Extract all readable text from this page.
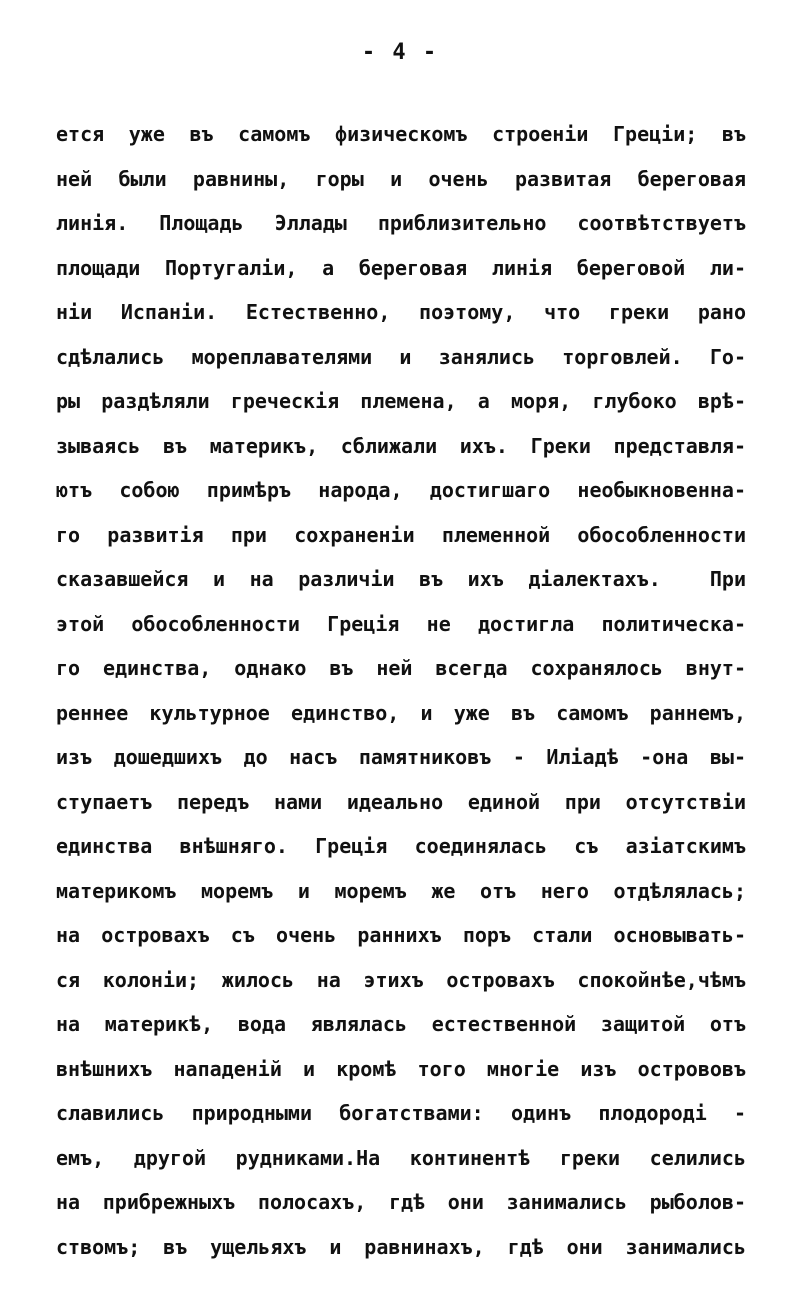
- 4 -
ется уже въ самомъ физическомъ строенiи Грецiи; въ
ней были равнины, горы и очень развитая береговая
линiя. Площадь Эллады приблизительно соотвѣтствуетъ
площади Португалiи, а береговая линiя береговой ли-
нiи Испанiи. Естественно, поэтому, что греки рано
сдѣлались мореплавателями и занялись торговлей. Го-
ры раздѣляли греческiя племена, а моря, глубоко врѣ-
зываясь въ материкъ, сближали ихъ. Греки представля-
ютъ собою примѣръ народа, достигшаго необыкновенна-
го развитiя при сохраненiи племенной обособленности
сказавшейся и на различiи въ ихъ дiалектахъ.  При
этой обособленности Грецiя не достигла политическа-
го единства, однако въ ней всегда сохранялось внут-
реннее культурное единство, и уже въ самомъ раннемъ,
изъ дошедшихъ до насъ памятниковъ - Илiадѣ -она вы-
ступаетъ передъ нами идеально единой при отсутствiи
единства внѣшняго. Грецiя соединялась съ азiатскимъ
материкомъ моремъ и моремъ же отъ него отдѣлялась;
на островахъ съ очень раннихъ поръ стали основывать-
ся колонiи; жилось на этихъ островахъ спокойнѣе,чѣмъ
на материкѣ, вода являлась естественной защитой отъ
внѣшнихъ нападенiй и кромѣ того многiе изъ острововъ
славились природными богатствами: одинъ плодородi -
емъ, другой рудниками.На континентѣ греки селились
на прибрежныхъ полосахъ, гдѣ они занимались рыболов-
ствомъ; въ ущельяхъ и равнинахъ, гдѣ они занимались
